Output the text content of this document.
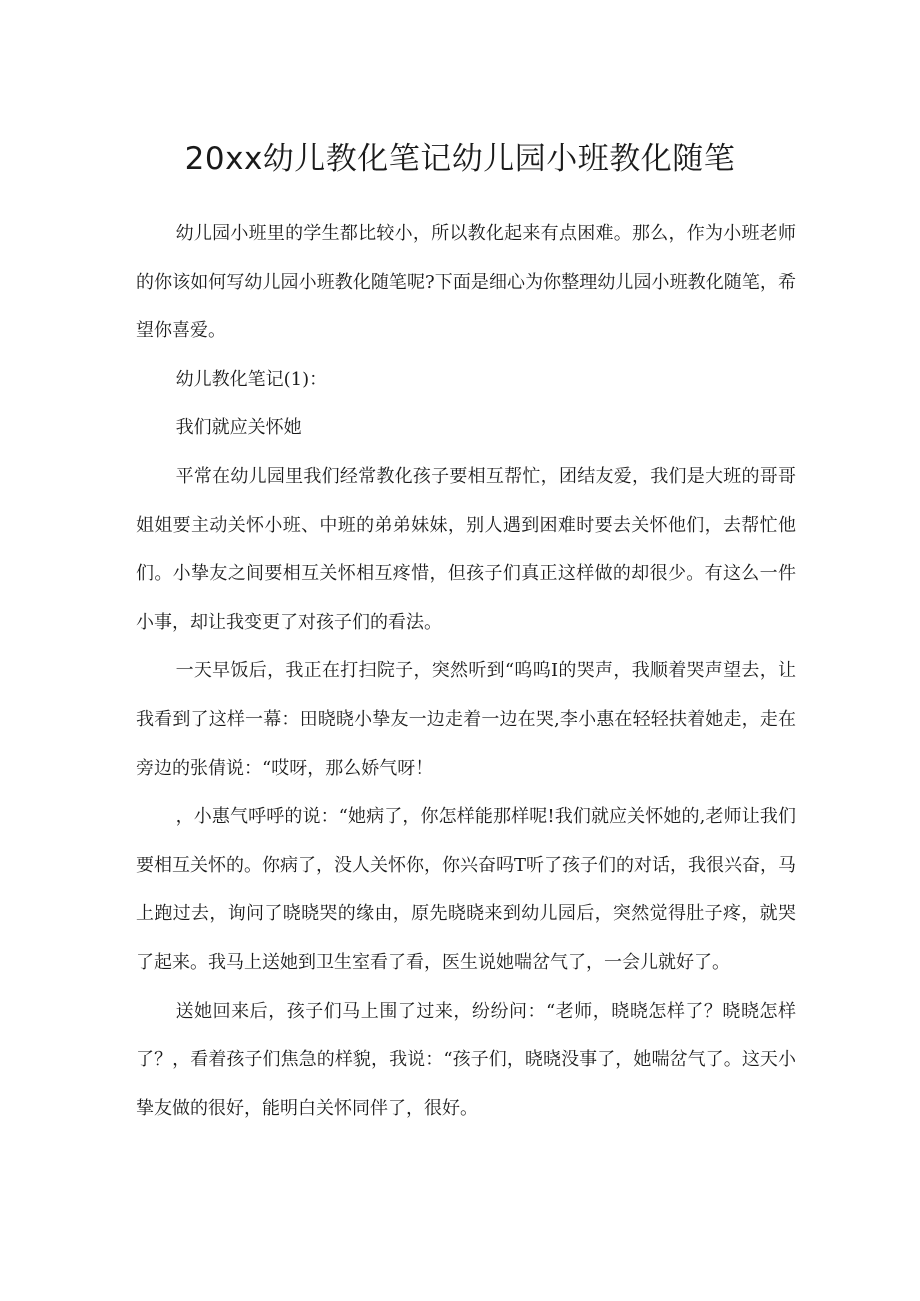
20xx幼儿教化笔记幼儿园小班教化随笔

幼儿园小班里的学生都比较小，所以教化起来有点困难。那么，作为小班老师的你该如何写幼儿园小班教化随笔呢?下面是细心为你整理幼儿园小班教化随笔，希望你喜爱。

幼儿教化笔记(1)：

我们就应关怀她

平常在幼儿园里我们经常教化孩子要相互帮忙，团结友爱，我们是大班的哥哥姐姐要主动关怀小班、中班的弟弟妹妹，别人遇到困难时要去关怀他们，去帮忙他们。小挚友之间要相互关怀相互疼惜，但孩子们真正这样做的却很少。有这么一件小事，却让我变更了对孩子们的看法。

一天早饭后，我正在打扫院子，突然听到“呜呜I的哭声，我顺着哭声望去，让我看到了这样一幕：田晓晓小挚友一边走着一边在哭,李小惠在轻轻扶着她走，走在旁边的张倩说：“哎呀，那么娇气呀！

，小惠气呼呼的说：“她病了，你怎样能那样呢!我们就应关怀她的,老师让我们要相互关怀的。你病了，没人关怀你，你兴奋吗T听了孩子们的对话，我很兴奋，马上跑过去，询问了晓晓哭的缘由，原先晓晓来到幼儿园后，突然觉得肚子疼，就哭了起来。我马上送她到卫生室看了看，医生说她喘岔气了，一会儿就好了。

送她回来后，孩子们马上围了过来，纷纷问：“老师，晓晓怎样了？晓晓怎样了？，看着孩子们焦急的样貌，我说：“孩子们，晓晓没事了，她喘岔气了。这天小挚友做的很好，能明白关怀同伴了，很好。
